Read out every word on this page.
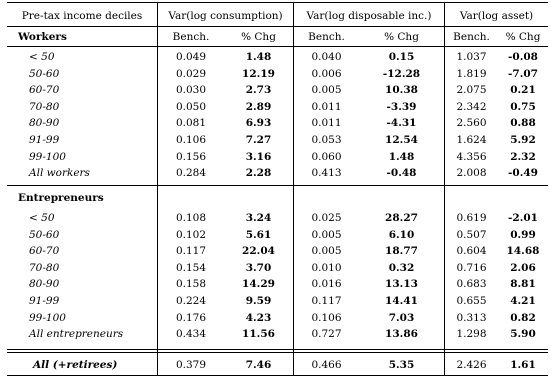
Pre-tax income deciles	Var(log consumption)	Var(log disposable inc.)	Var(log asset)
Workers	Bench.	% Chg	Bench.	% Chg	Bench.	% Chg
< 50	0.049	1.48	0.040	0.15	1.037	-0.08
50-60	0.029	12.19	0.006	-12.28	1.819	-7.07
60-70	0.030	2.73	0.005	10.38	2.075	0.21
70-80	0.050	2.89	0.011	-3.39	2.342	0.75
80-90	0.081	6.93	0.011	-4.31	2.560	0.88
91-99	0.106	7.27	0.053	12.54	1.624	5.92
99-100	0.156	3.16	0.060	1.48	4.356	2.32
All workers	0.284	2.28	0.413	-0.48	2.008	-0.49
Entrepreneurs
< 50	0.108	3.24	0.025	28.27	0.619	-2.01
50-60	0.102	5.61	0.005	6.10	0.507	0.99
60-70	0.117	22.04	0.005	18.77	0.604	14.68
70-80	0.154	3.70	0.010	0.32	0.716	2.06
80-90	0.158	14.29	0.016	13.13	0.683	8.81
91-99	0.224	9.59	0.117	14.41	0.655	4.21
99-100	0.176	4.23	0.106	7.03	0.313	0.82
All entrepreneurs	0.434	11.56	0.727	13.86	1.298	5.90
All (+retirees)	0.379	7.46	0.466	5.35	2.426	1.61
